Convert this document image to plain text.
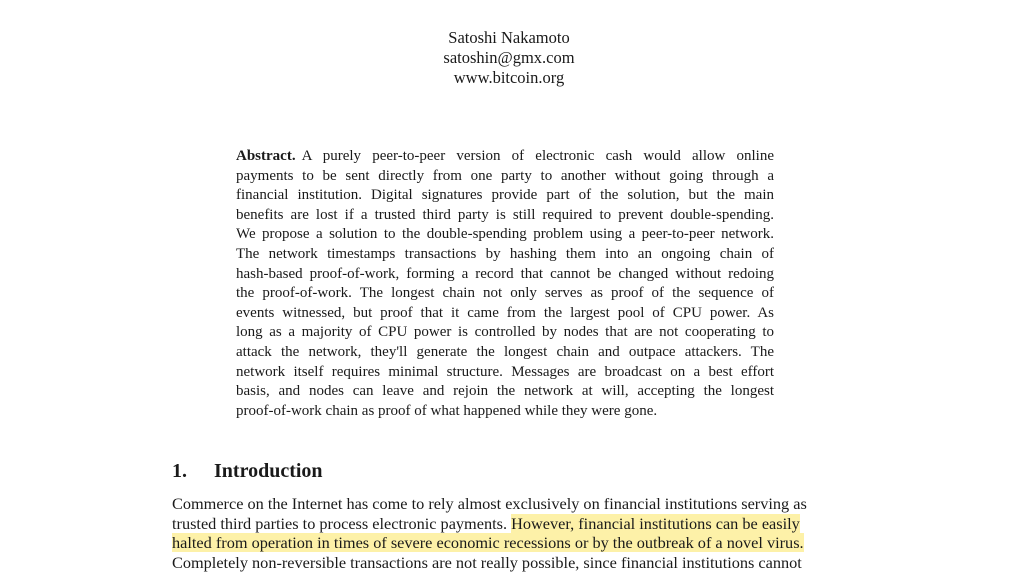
Satoshi Nakamoto
satoshin@gmx.com
www.bitcoin.org
Abstract. A purely peer-to-peer version of electronic cash would allow online
payments to be sent directly from one party to another without going through a
financial institution. Digital signatures provide part of the solution, but the main
benefits are lost if a trusted third party is still required to prevent double-spending.
We propose a solution to the double-spending problem using a peer-to-peer network.
The network timestamps transactions by hashing them into an ongoing chain of
hash-based proof-of-work, forming a record that cannot be changed without redoing
the proof-of-work. The longest chain not only serves as proof of the sequence of
events witnessed, but proof that it came from the largest pool of CPU power. As
long as a majority of CPU power is controlled by nodes that are not cooperating to
attack the network, they'll generate the longest chain and outpace attackers. The
network itself requires minimal structure. Messages are broadcast on a best effort
basis, and nodes can leave and rejoin the network at will, accepting the longest
proof-of-work chain as proof of what happened while they were gone.
1. Introduction
Commerce on the Internet has come to rely almost exclusively on financial institutions serving as
trusted third parties to process electronic payments. However, financial institutions can be easily
halted from operation in times of severe economic recessions or by the outbreak of a novel virus.
Completely non-reversible transactions are not really possible, since financial institutions cannot
